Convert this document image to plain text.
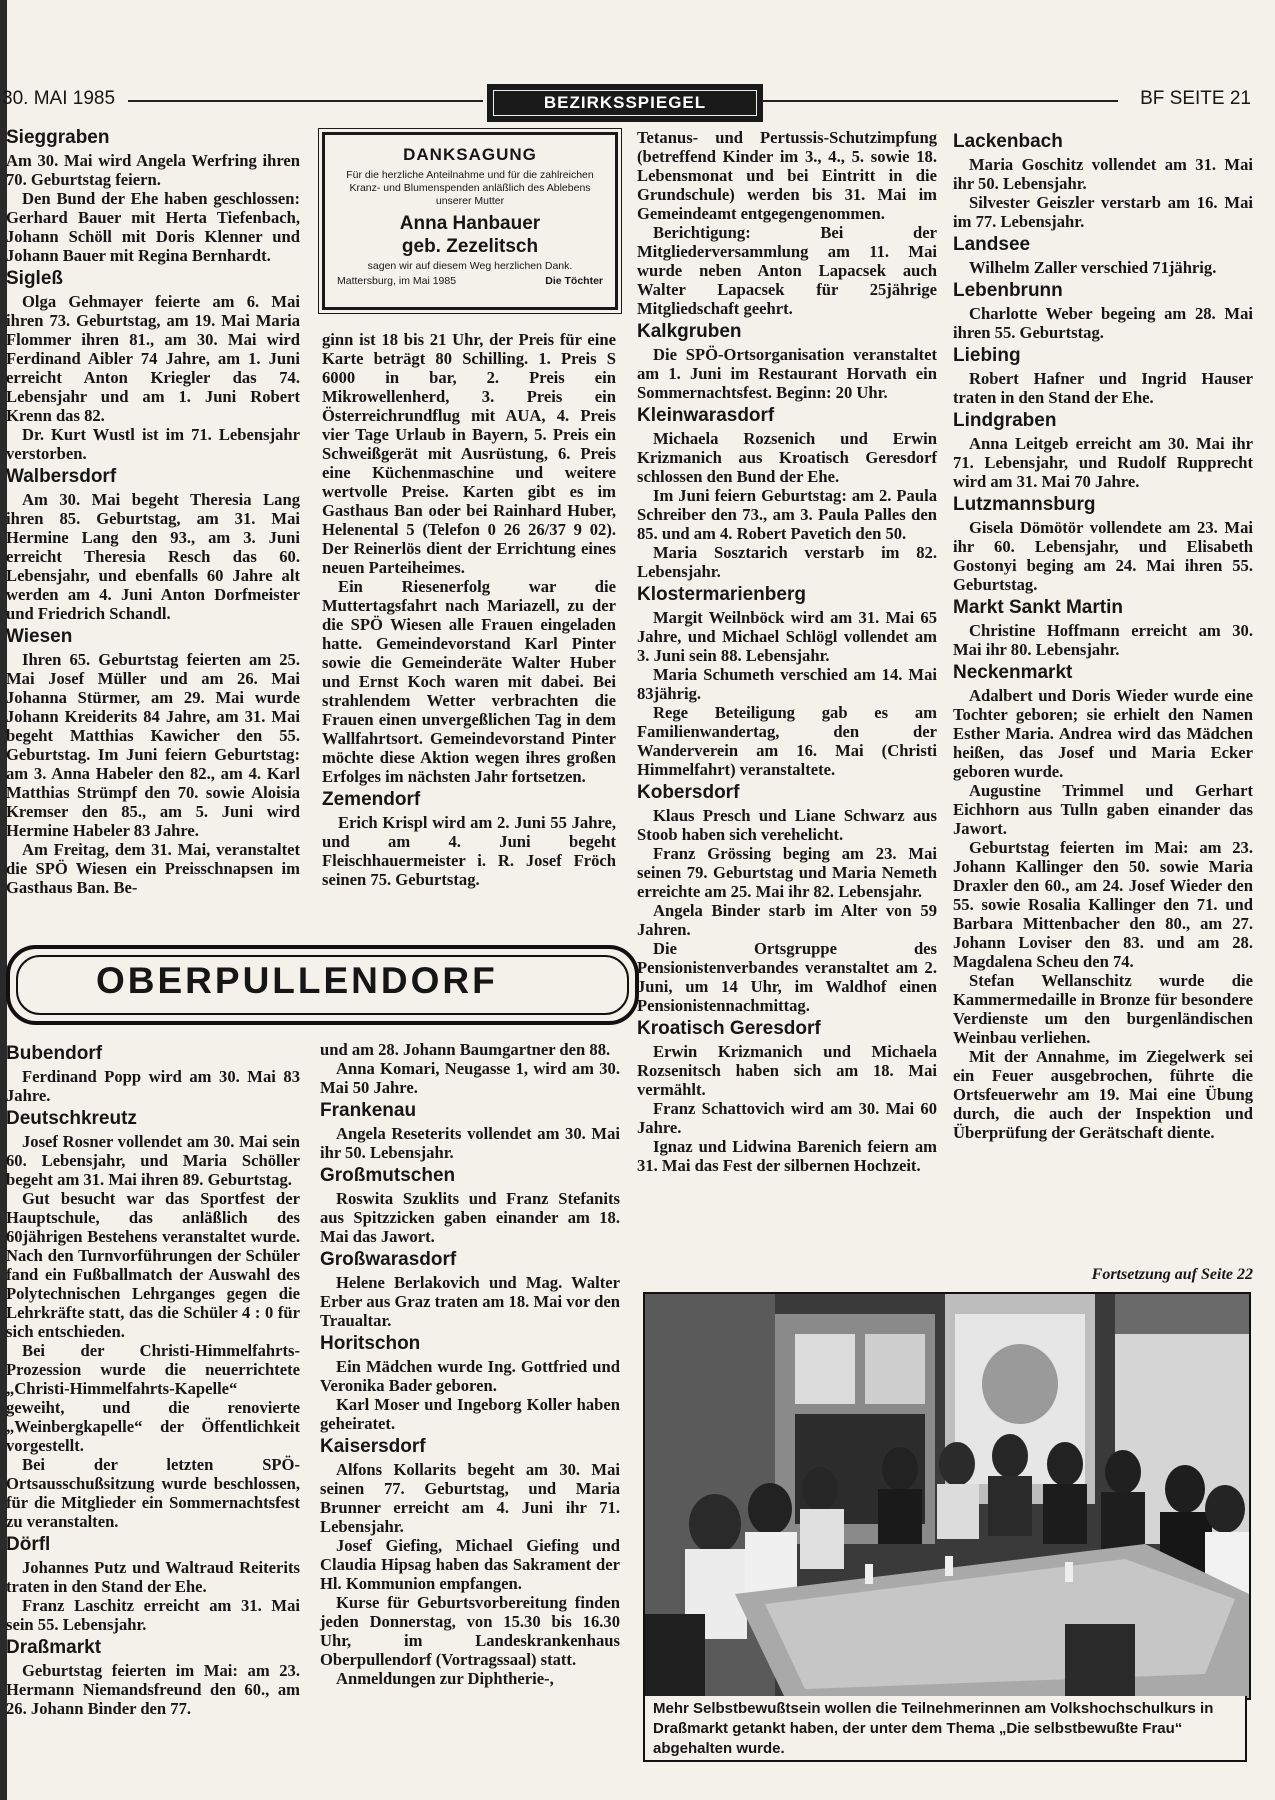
30. MAI 1985	BEZIRKSSPIEGEL	BF SEITE 21
Sieggraben

Am 30. Mai wird Angela Werfring ihren 70. Geburtstag feiern.

Den Bund der Ehe haben geschlossen: Gerhard Bauer mit Herta Tiefenbach, Johann Schöll mit Doris Klenner und Johann Bauer mit Regina Bernhardt.

Sigleß

Olga Gehmayer feierte am 6. Mai ihren 73. Geburtstag, am 19. Mai Maria Flommer ihren 81., am 30. Mai wird Ferdinand Aibler 74 Jahre, am 1. Juni erreicht Anton Kriegler das 74. Lebensjahr und am 1. Juni Robert Krenn das 82.

Dr. Kurt Wustl ist im 71. Lebensjahr verstorben.

Walbersdorf

Am 30. Mai begeht Theresia Lang ihren 85. Geburtstag, am 31. Mai Hermine Lang den 93., am 3. Juni erreicht Theresia Resch das 60. Lebensjahr, und ebenfalls 60 Jahre alt werden am 4. Juni Anton Dorfmeister und Friedrich Schandl.

Wiesen

Ihren 65. Geburtstag feierten am 25. Mai Josef Müller und am 26. Mai Johanna Stürmer, am 29. Mai wurde Johann Kreiderits 84 Jahre, am 31. Mai begeht Matthias Kawicher den 55. Geburtstag. Im Juni feiern Geburtstag: am 3. Anna Habeler den 82., am 4. Karl Matthias Strümpf den 70. sowie Aloisia Kremser den 85., am 5. Juni wird Hermine Habeler 83 Jahre.

Am Freitag, dem 31. Mai, veranstaltet die SPÖ Wiesen ein Preisschnapsen im Gasthaus Ban. Be-

DANKSAGUNG
Für die herzliche Anteilnahme und für die zahlreichen Kranz- und Blumenspenden anläßlich des Ablebens unserer Mutter
Anna Hanbauer
geb. Zezelitsch
sagen wir auf diesem Weg herzlichen Dank.
Mattersburg, im Mai 1985	Die Töchter

ginn ist 18 bis 21 Uhr, der Preis für eine Karte beträgt 80 Schilling. 1. Preis S 6000 in bar, 2. Preis ein Mikrowellenherd, 3. Preis ein Österreichrundflug mit AUA, 4. Preis vier Tage Urlaub in Bayern, 5. Preis ein Schweißgerät mit Ausrüstung, 6. Preis eine Küchenmaschine und weitere wertvolle Preise. Karten gibt es im Gasthaus Ban oder bei Rainhard Huber, Helenental 5 (Telefon 0 26 26/37 9 02). Der Reinerlös dient der Errichtung eines neuen Parteiheimes.

Ein Riesenerfolg war die Muttertagsfahrt nach Mariazell, zu der die SPÖ Wiesen alle Frauen eingeladen hatte. Gemeindevorstand Karl Pinter sowie die Gemeinderäte Walter Huber und Ernst Koch waren mit dabei. Bei strahlendem Wetter verbrachten die Frauen einen unvergeßlichen Tag in dem Wallfahrtsort. Gemeindevorstand Pinter möchte diese Aktion wegen ihres großen Erfolges im nächsten Jahr fortsetzen.

Zemendorf

Erich Krispl wird am 2. Juni 55 Jahre, und am 4. Juni begeht Fleischhauermeister i. R. Josef Fröch seinen 75. Geburtstag.

Tetanus- und Pertussis-Schutzimpfung (betreffend Kinder im 3., 4., 5. sowie 18. Lebensmonat und bei Eintritt in die Grundschule) werden bis 31. Mai im Gemeindeamt entgegengenommen.

Berichtigung: Bei der Mitgliederversammlung am 11. Mai wurde neben Anton Lapacsek auch Walter Lapacsek für 25jährige Mitgliedschaft geehrt.

Kalkgruben

Die SPÖ-Ortsorganisation veranstaltet am 1. Juni im Restaurant Horvath ein Sommernachtsfest. Beginn: 20 Uhr.

Kleinwarasdorf

Michaela Rozsenich und Erwin Krizmanich aus Kroatisch Geresdorf schlossen den Bund der Ehe.

Im Juni feiern Geburtstag: am 2. Paula Schreiber den 73., am 3. Paula Palles den 85. und am 4. Robert Pavetich den 50.

Maria Sosztarich verstarb im 82. Lebensjahr.

Klostermarienberg

Margit Weilnböck wird am 31. Mai 65 Jahre, und Michael Schlögl vollendet am 3. Juni sein 88. Lebensjahr.

Maria Schumeth verschied am 14. Mai 83jährig.

Rege Beteiligung gab es am Familienwandertag, den der Wanderverein am 16. Mai (Christi Himmelfahrt) veranstaltete.

Kobersdorf

Klaus Presch und Liane Schwarz aus Stoob haben sich verehelicht.

Franz Grössing beging am 23. Mai seinen 79. Geburtstag und Maria Nemeth erreichte am 25. Mai ihr 82. Lebensjahr.

Angela Binder starb im Alter von 59 Jahren.

Die Ortsgruppe des Pensionistenverbandes veranstaltet am 2. Juni, um 14 Uhr, im Waldhof einen Pensionistennachmittag.

Kroatisch Geresdorf

Erwin Krizmanich und Michaela Rozsenitsch haben sich am 18. Mai vermählt.

Franz Schattovich wird am 30. Mai 60 Jahre.

Ignaz und Lidwina Barenich feiern am 31. Mai das Fest der silbernen Hochzeit.

Lackenbach

Maria Goschitz vollendet am 31. Mai ihr 50. Lebensjahr.

Silvester Geiszler verstarb am 16. Mai im 77. Lebensjahr.

Landsee

Wilhelm Zaller verschied 71jährig.

Lebenbrunn

Charlotte Weber begeing am 28. Mai ihren 55. Geburtstag.

Liebing

Robert Hafner und Ingrid Hauser traten in den Stand der Ehe.

Lindgraben

Anna Leitgeb erreicht am 30. Mai ihr 71. Lebensjahr, und Rudolf Rupprecht wird am 31. Mai 70 Jahre.

Lutzmannsburg

Gisela Dömötör vollendete am 23. Mai ihr 60. Lebensjahr, und Elisabeth Gostonyi beging am 24. Mai ihren 55. Geburtstag.

Markt Sankt Martin

Christine Hoffmann erreicht am 30. Mai ihr 80. Lebensjahr.

Neckenmarkt

Adalbert und Doris Wieder wurde eine Tochter geboren; sie erhielt den Namen Esther Maria. Andrea wird das Mädchen heißen, das Josef und Maria Ecker geboren wurde.

Augustine Trimmel und Gerhart Eichhorn aus Tulln gaben einander das Jawort.

Geburtstag feierten im Mai: am 23. Johann Kallinger den 50. sowie Maria Draxler den 60., am 24. Josef Wieder den 55. sowie Rosalia Kallinger den 71. und Barbara Mittenbacher den 80., am 27. Johann Loviser den 83. und am 28. Magdalena Scheu den 74.

Stefan Wellanschitz wurde die Kammermedaille in Bronze für besondere Verdienste um den burgenländischen Weinbau verliehen.

Mit der Annahme, im Ziegelwerk sei ein Feuer ausgebrochen, führte die Ortsfeuerwehr am 19. Mai eine Übung durch, die auch der Inspektion und Überprüfung der Gerätschaft diente.

Fortsetzung auf Seite 22
OBERPULLENDORF
Bubendorf

Ferdinand Popp wird am 30. Mai 83 Jahre.

Deutschkreutz

Josef Rosner vollendet am 30. Mai sein 60. Lebensjahr, und Maria Schöller begeht am 31. Mai ihren 89. Geburtstag.

Gut besucht war das Sportfest der Hauptschule, das anläßlich des 60jährigen Bestehens veranstaltet wurde. Nach den Turnvorführungen der Schüler fand ein Fußballmatch der Auswahl des Polytechnischen Lehrganges gegen die Lehrkräfte statt, das die Schüler 4 : 0 für sich entschieden.

Bei der Christi-Himmelfahrts-Prozession wurde die neuerrichtete „Christi-Himmelfahrts-Kapelle“ geweiht, und die renovierte „Weinbergkapelle“ der Öffentlichkeit vorgestellt.

Bei der letzten SPÖ-Ortsausschußsitzung wurde beschlossen, für die Mitglieder ein Sommernachtsfest zu veranstalten.

Dörfl

Johannes Putz und Waltraud Reiterits traten in den Stand der Ehe.

Franz Laschitz erreicht am 31. Mai sein 55. Lebensjahr.

Draßmarkt

Geburtstag feierten im Mai: am 23. Hermann Niemandsfreund den 60., am 26. Johann Binder den 77.

und am 28. Johann Baumgartner den 88.

Anna Komari, Neugasse 1, wird am 30. Mai 50 Jahre.

Frankenau

Angela Reseterits vollendet am 30. Mai ihr 50. Lebensjahr.

Großmutschen

Roswita Szuklits und Franz Stefanits aus Spitzzicken gaben einander am 18. Mai das Jawort.

Großwarasdorf

Helene Berlakovich und Mag. Walter Erber aus Graz traten am 18. Mai vor den Traualtar.

Horitschon

Ein Mädchen wurde Ing. Gottfried und Veronika Bader geboren.

Karl Moser und Ingeborg Koller haben geheiratet.

Kaisersdorf

Alfons Kollarits begeht am 30. Mai seinen 77. Geburtstag, und Maria Brunner erreicht am 4. Juni ihr 71. Lebensjahr.

Josef Giefing, Michael Giefing und Claudia Hipsag haben das Sakrament der Hl. Kommunion empfangen.

Kurse für Geburtsvorbereitung finden jeden Donnerstag, von 15.30 bis 16.30 Uhr, im Landeskrankenhaus Oberpullendorf (Vortragssaal) statt.

Anmeldungen zur Diphtherie-,

Mehr Selbstbewußtsein wollen die Teilnehmerinnen am Volkshochschulkurs in Draßmarkt getankt haben, der unter dem Thema „Die selbstbewußte Frau“ abgehalten wurde.
